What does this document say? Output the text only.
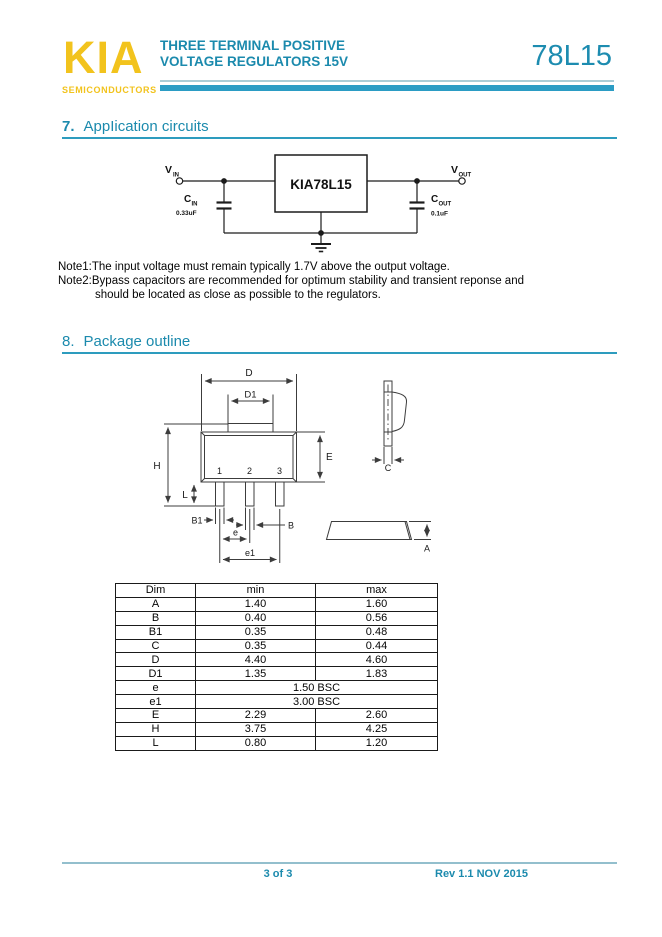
KIA
SEMICONDUCTORS
THREE TERMINAL POSITIVE
VOLTAGE REGULATORS 15V	78L15
7. AppIication circuits
KIA78L15
V IN	V OUT
C IN
0.33uF
C OUT
0.1uF
Note1:The input voltage must remain typically 1.7V above the output voltage.
Note2:Bypass capacitors are recommended for optimum stability and transient reponse and
should be located as close as possible to the regulators.
8. Package outline
D
D1
E
H
L
B1	B
e
e1
C
A
1	2	3
Dim	min	max
A	1.40	1.60
B	0.40	0.56
B1	0.35	0.48
C	0.35	0.44
D	4.40	4.60
D1	1.35	1.83
e	1.50 BSC	
e1	3.00 BSC	
E	2.29	2.60
H	3.75	4.25
L	0.80	1.20
3 of 3	Rev 1.1 NOV 2015
